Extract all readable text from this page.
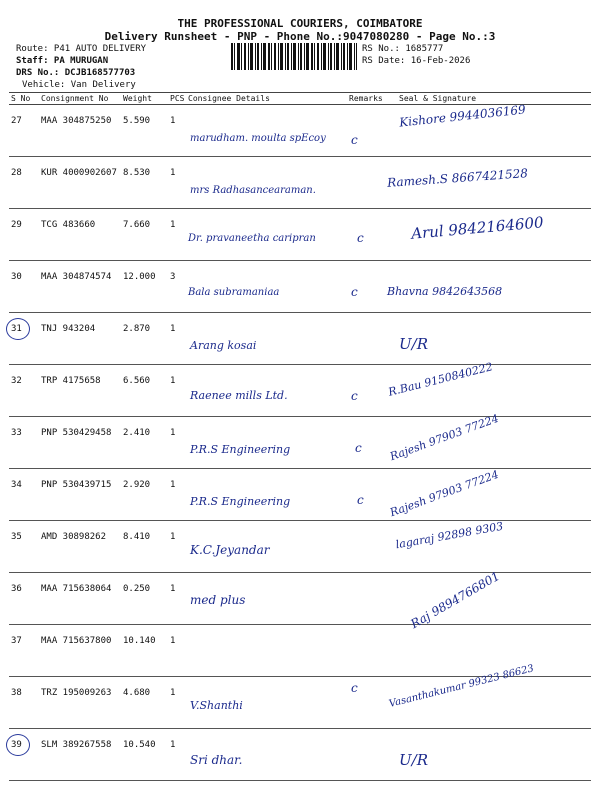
THE PROFESSIONAL COURIERS, COIMBATORE
Delivery Runsheet - PNP - Phone No.:9047080280 - Page No.:3
Route: P41 AUTO DELIVERY
Staff: PA MURUGAN
DRS No.: DCJB168577703
Vehicle: Van Delivery
RS No.: 1685777
RS Date: 16-Feb-2026
S No	Consignment No	Weight	PCS	Consignee Details	Remarks	Seal & Signature
27	MAA 304875250	5.590	1	marudham. moulta spEcoy	c	Kishore 9944036169

28	KUR 4000902607	8.530	1	mrs Radhasancearaman.		Ramesh.S 8667421528

29	TCG 483660	7.660	1	Dr. pravaneetha caripran	c	Arul 9842164600

30	MAA 304874574	12.000	3	Bala subramaniaa	c	Bhavna 9842643568

31	TNJ 943204	2.870	1	Arang kosai		U/R

32	TRP 4175658	6.560	1	Raenee mills Ltd.	c	R.Bau 9150840222

33	PNP 530429458	2.410	1	P.R.S Engineering	c	Rajesh 97903 77224

34	PNP 530439715	2.920	1	P.R.S Engineering	c	Rajesh 97903 77224

35	AMD 30898262	8.410	1	K.C.Jeyandar		lagaraj 92898 9303

36	MAA 715638064	0.250	1	med plus		Raj 9894766801

37	MAA 715637800	10.140	1	

38	TRZ 195009263	4.680	1	V.Shanthi	c	Vasanthakumar 99323 86623

39	SLM 389267558	10.540	1	Sri dhar.		U/R
